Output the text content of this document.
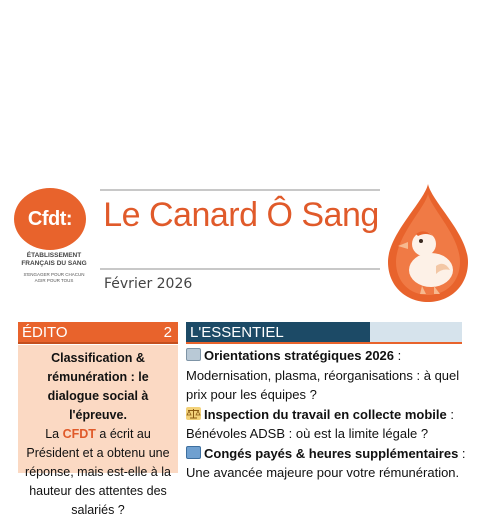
Cfdt:
ÉTABLISSEMENT
FRANÇAIS DU SANG
S'ENGAGER POUR CHACUN
AGIR POUR TOUS
Le Canard Ô Sang
Février 2026
ÉDITO	2
Classification & rémunération : le dialogue social à l'épreuve.
La CFDT a écrit au Président et a obtenu une réponse, mais est-elle à la hauteur des attentes des salariés ?
L'ESSENTIEL
Orientations stratégiques 2026 : Modernisation, plasma, réorganisations : à quel prix pour les équipes ?
Inspection du travail en collecte mobile : Bénévoles ADSB : où est la limite légale ?
Congés payés & heures supplémentaires : Une avancée majeure pour votre rémunération.
